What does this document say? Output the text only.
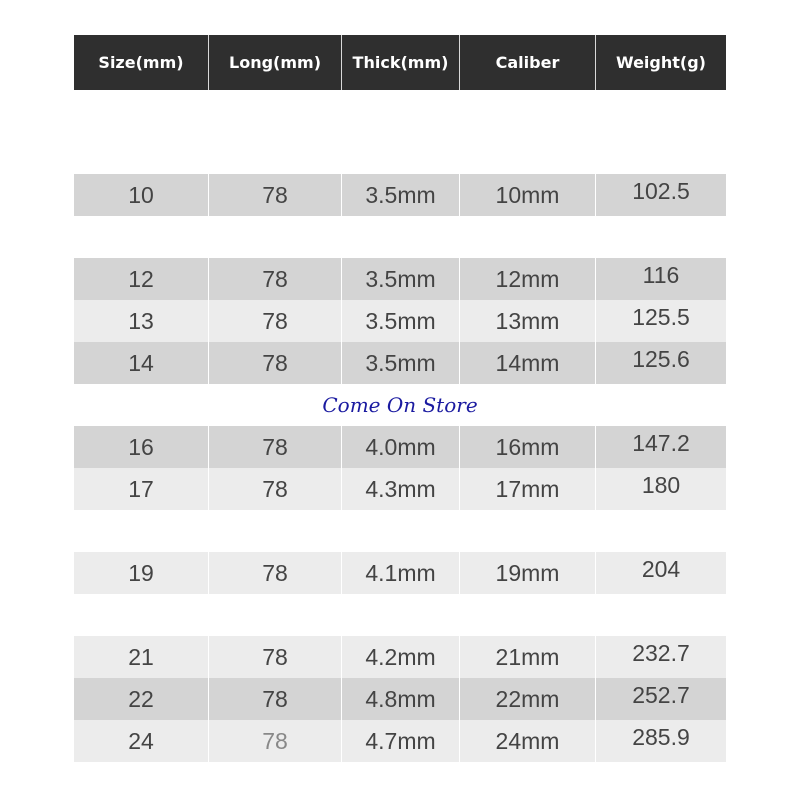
Size(mm)	Long(mm)	Thick(mm)	Caliber	Weight(g)
10	78	3.5mm	10mm	102.5
12	78	3.5mm	12mm	116
13	78	3.5mm	13mm	125.5
14	78	3.5mm	14mm	125.6
16	78	4.0mm	16mm	147.2
17	78	4.3mm	17mm	180
19	78	4.1mm	19mm	204
21	78	4.2mm	21mm	232.7
22	78	4.8mm	22mm	252.7
24	78	4.7mm	24mm	285.9
Come On Store
